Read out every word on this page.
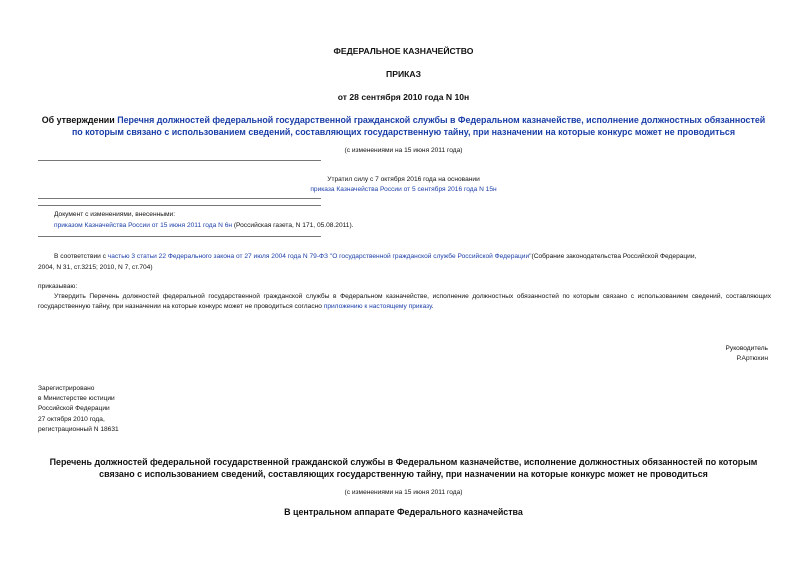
ФЕДЕРАЛЬНОЕ КАЗНАЧЕЙСТВО
ПРИКАЗ
от 28 сентября 2010 года N 10н
Об утверждении Перечня должностей федеральной государственной гражданской службы в Федеральном казначействе, исполнение должностных обязанностей
по которым связано с использованием сведений, составляющих государственную тайну, при назначении на которые конкурс может не проводиться
(с изменениями на 15 июня 2011 года)
Утратил силу с 7 октября 2016 года на основании
приказа Казначейства России от 5 сентября 2016 года N 15н
Документ с изменениями, внесенными:
приказом Казначейства России от 15 июня 2011 года N 6н (Российская газета, N 171, 05.08.2011).
В соответствии с частью 3 статьи 22 Федерального закона от 27 июля 2004 года N 79-ФЗ "О государственной гражданской службе Российской Федерации"(Собрание законодательства Российской Федерации,
2004, N 31, ст.3215; 2010, N 7, ст.704)
приказываю:
Утвердить Перечень должностей федеральной государственной гражданской службы в Федеральном казначействе, исполнение должностных обязанностей по которым связано с использованием сведений, составляющих государственную тайну, при назначении на которые конкурс может не проводиться согласно приложению к настоящему приказу.
Руководитель
Р.Артюхин
Зарегистрировано
в Министерстве юстиции
Российской Федерации
27 октября 2010 года,
регистрационный N 18631
Перечень должностей федеральной государственной гражданской службы в Федеральном казначействе, исполнение должностных обязанностей по которым
связано с использованием сведений, составляющих государственную тайну, при назначении на которые конкурс может не проводиться
(с изменениями на 15 июня 2011 года)
В центральном аппарате Федерального казначейства
